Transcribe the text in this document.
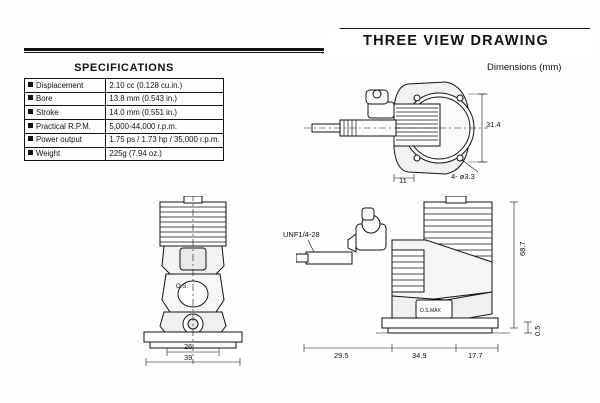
THREE VIEW DRAWING
Dimensions (mm)
SPECIFICATIONS
Displacement	2.10 cc (0.128 cu.in.)
Bore	13.8 mm (0.543 in.)
Stroke	14.0 mm (0.551 in.)
Practical R.P.M.	5,000-44,000 r.p.m.
Power output	1.75 ps / 1.73 hp / 35,000 r.p.m.
Weight	225g (7.94 oz.)
31.4
11	4- ø3.3
O.S.
26
39
O.S.MAX
68.7
0.5
29.5	34.9	17.7
UNF1/4-28
